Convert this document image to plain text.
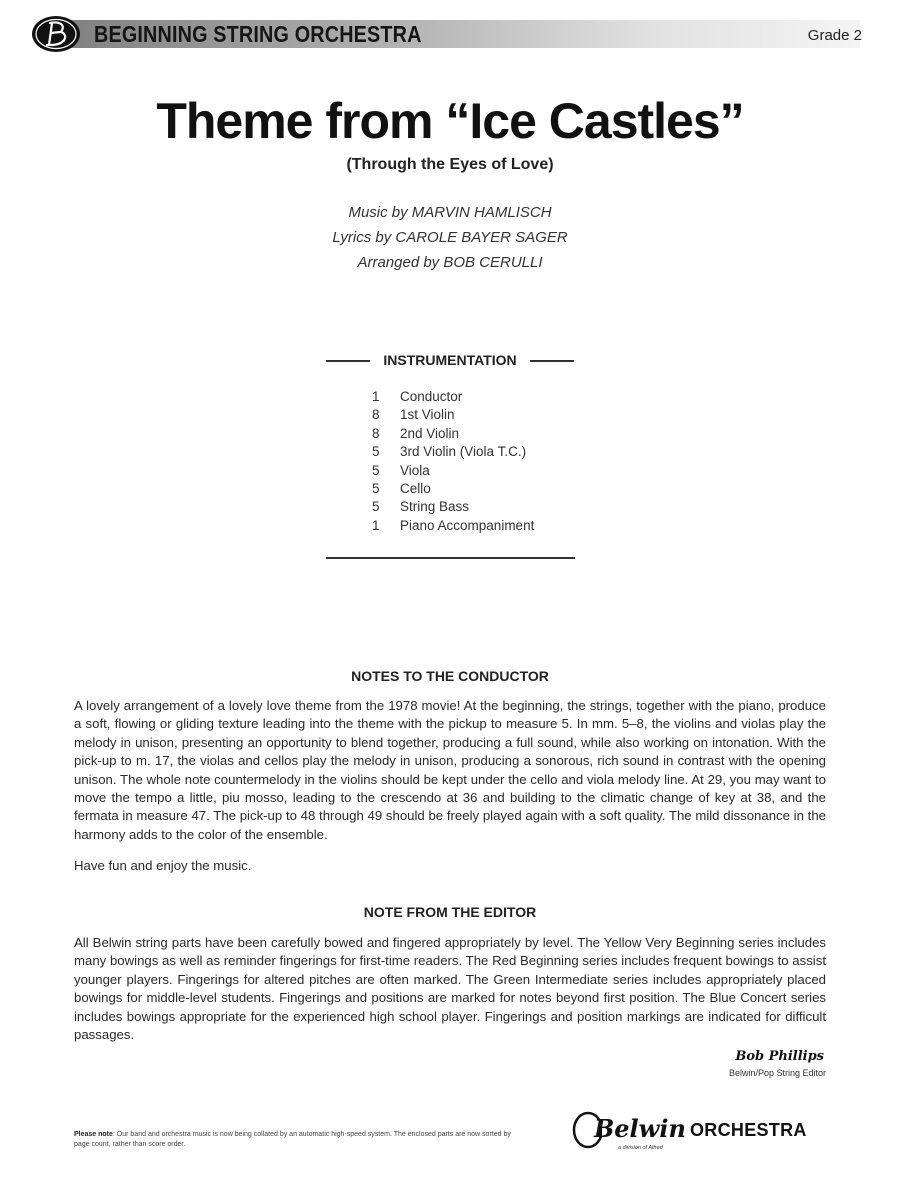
BEGINNING STRING ORCHESTRA	Grade 2
Theme from “Ice Castles”
(Through the Eyes of Love)
Music by MARVIN HAMLISCH
Lyrics by CAROLE BAYER SAGER
Arranged by BOB CERULLI
INSTRUMENTATION
1	Conductor
8	1st Violin
8	2nd Violin
5	3rd Violin (Viola T.C.)
5	Viola
5	Cello
5	String Bass
1	Piano Accompaniment
NOTES TO THE CONDUCTOR
A lovely arrangement of a lovely love theme from the 1978 movie! At the beginning, the strings, together with the piano, produce a soft, flowing or gliding texture leading into the theme with the pickup to measure 5. In mm. 5–8, the violins and violas play the melody in unison, presenting an opportunity to blend together, producing a full sound, while also working on intonation. With the pick-up to m. 17, the violas and cellos play the melody in unison, producing a sonorous, rich sound in contrast with the opening unison. The whole note countermelody in the violins should be kept under the cello and viola melody line. At 29, you may want to move the tempo a little, piu mosso, leading to the crescendo at 36 and building to the climatic change of key at 38, and the fermata in measure 47. The pick-up to 48 through 49 should be freely played again with a soft quality. The mild dissonance in the harmony adds to the color of the ensemble.
Have fun and enjoy the music.
NOTE FROM THE EDITOR
All Belwin string parts have been carefully bowed and fingered appropriately by level. The Yellow Very Beginning series includes many bowings as well as reminder fingerings for first-time readers. The Red Beginning series includes frequent bowings to assist younger players. Fingerings for altered pitches are often marked. The Green Intermediate series includes appropriately placed bowings for middle-level students. Fingerings and positions are marked for notes beyond first position. The Blue Concert series includes bowings appropriate for the experienced high school player. Fingerings and position markings are indicated for difficult passages.
Bob Phillips
Belwin/Pop String Editor
Please note: Our band and orchestra music is now being collated by an automatic high-speed system. The enclosed parts are now sorted by page count, rather than score order.
Belwin
a division of Alfred
ORCHESTRA
